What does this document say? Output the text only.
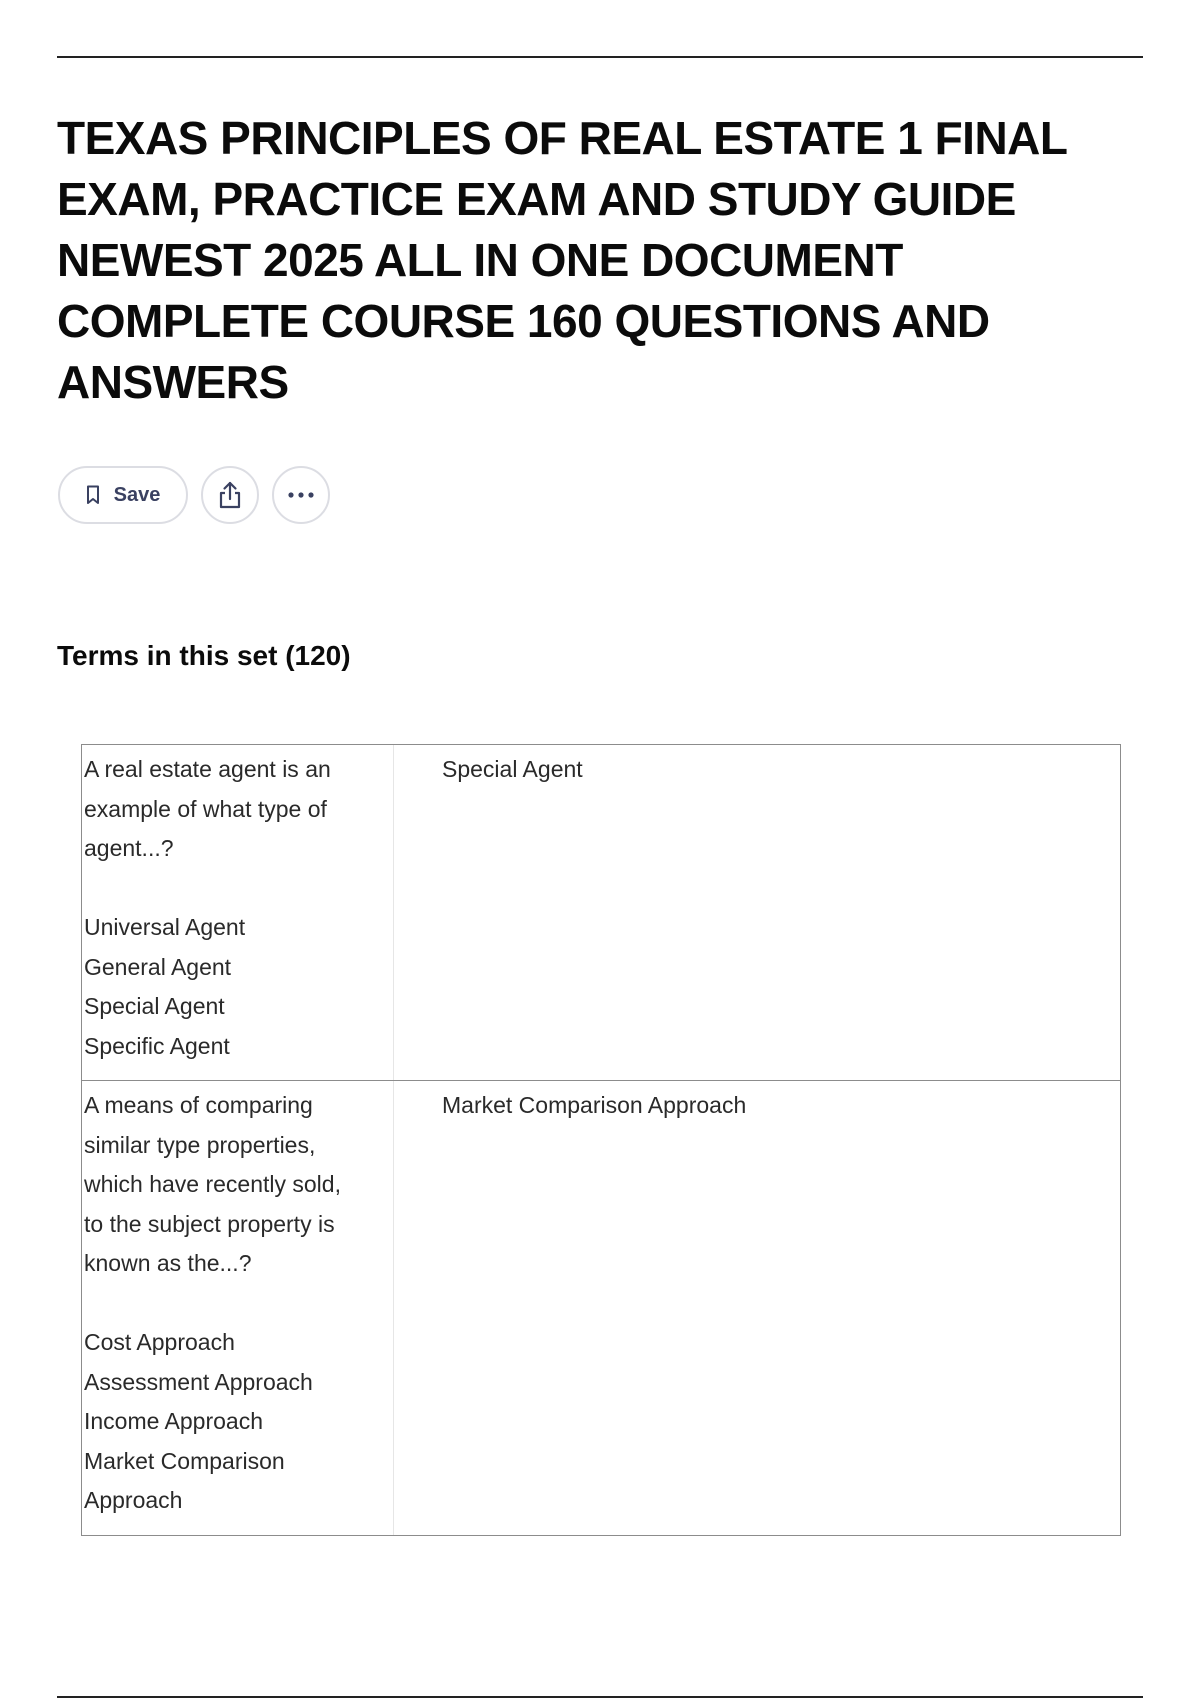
TEXAS PRINCIPLES OF REAL ESTATE 1 FINAL
EXAM, PRACTICE EXAM AND STUDY GUIDE
NEWEST 2025 ALL IN ONE DOCUMENT
COMPLETE COURSE 160 QUESTIONS AND
ANSWERS
Save
Terms in this set (120)
A real estate agent is an
example of what type of
agent...?
Universal Agent
General Agent
Special Agent
Specific Agent
Special Agent
A means of comparing
similar type properties,
which have recently sold,
to the subject property is
known as the...?
Cost Approach
Assessment Approach
Income Approach
Market Comparison
Approach
Market Comparison Approach
